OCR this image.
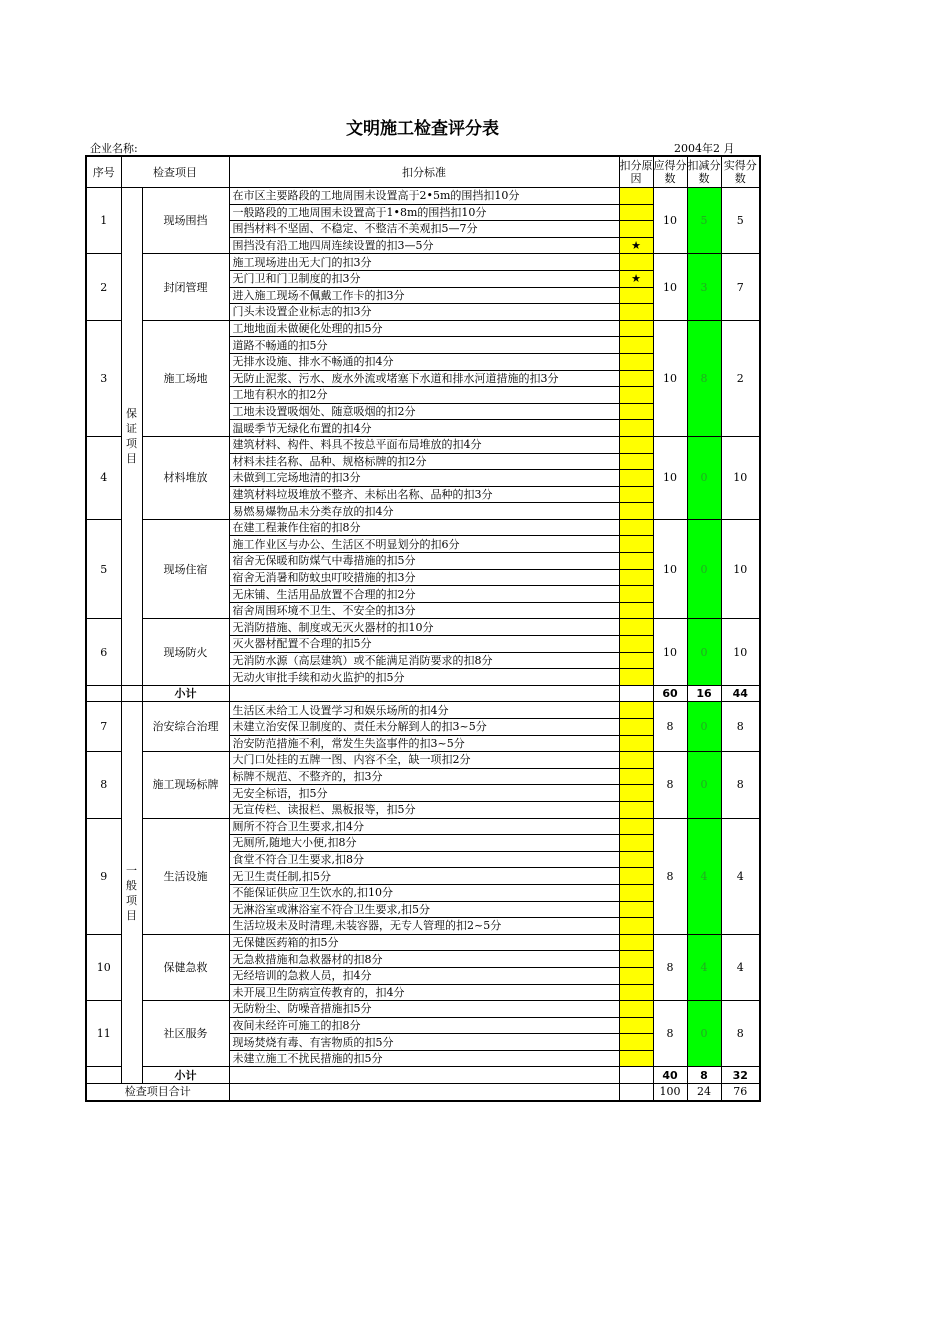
文明施工检查评分表
企业名称:	2004年2 月
序号	检查项目		扣分标准	扣分原因	应得分数	扣减分数	实得分数
1	保证项目	现场围挡	在市区主要路段的工地周围未设置高于2•5m的围挡扣10分		10	5	5
			一般路段的工地周围未设置高于1•8m的围挡扣10分				
			围挡材料不坚固、不稳定、不整洁不美观扣5—7分				
			围挡没有沿工地四周连续设置的扣3—5分	★			
2		封闭管理	施工现场进出无大门的扣3分		10	3	7
			无门卫和门卫制度的扣3分	★			
			进入施工现场不佩戴工作卡的扣3分				
			门头未设置企业标志的扣3分				
3		施工场地	工地地面未做硬化处理的扣5分		10	8	2
			道路不畅通的扣5分				
			无排水设施、排水不畅通的扣4分				
			无防止泥浆、污水、废水外流或堵塞下水道和排水河道措施的扣3分				
			工地有积水的扣2分				
			工地未设置吸烟处、随意吸烟的扣2分				
			温暖季节无绿化布置的扣4分				
4		材料堆放	建筑材料、构件、料具不按总平面布局堆放的扣4分		10	0	10
			材料未挂名称、品种、规格标牌的扣2分				
			未做到工完场地清的扣3分				
			建筑材料垃圾堆放不整齐、未标出名称、品种的扣3分				
			易燃易爆物品未分类存放的扣4分				
5		现场住宿	在建工程兼作住宿的扣8分		10	0	10
			施工作业区与办公、生活区不明显划分的扣6分				
			宿舍无保暖和防煤气中毒措施的扣5分				
			宿舍无消暑和防蚊虫叮咬措施的扣3分				
			无床铺、生活用品放置不合理的扣2分				
			宿舍周围环境不卫生、不安全的扣3分				
6		现场防火	无消防措施、制度或无灭火器材的扣10分		10	0	10
			灭火器材配置不合理的扣5分				
			无消防水源（高层建筑）或不能满足消防要求的扣8分				
			无动火审批手续和动火监护的扣5分				
		小计			60	16	44
7	一般项目	治安综合治理	生活区未给工人设置学习和娱乐场所的扣4分		8	0	8
			未建立治安保卫制度的、责任未分解到人的扣3~5分				
			治安防范措施不利，常发生失盗事件的扣3~5分				
8		施工现场标牌	大门口处挂的五牌一图、内容不全，缺一项扣2分		8	0	8
			标牌不规范、不整齐的，扣3分				
			无安全标语，扣5分				
			无宣传栏、读报栏、黑板报等，扣5分				
9		生活设施	厕所不符合卫生要求,扣4分		8	4	4
			无厕所,随地大小便,扣8分				
			食堂不符合卫生要求,扣8分				
			无卫生责任制,扣5分				
			不能保证供应卫生饮水的,扣10分				
			无淋浴室或淋浴室不符合卫生要求,扣5分				
			生活垃圾未及时清理,未装容器，无专人管理的扣2~5分				
10		保健急救	无保健医药箱的扣5分		8	4	4
			无急救措施和急救器材的扣8分				
			无经培训的急救人员，扣4分				
			未开展卫生防病宣传教育的，扣4分				
11		社区服务	无防粉尘、防噪音措施扣5分		8	0	8
			夜间未经许可施工的扣8分				
			现场焚烧有毒、有害物质的扣5分				
			未建立施工不扰民措施的扣5分				
		小计			40	8	32
检查项目合计					100	24	76
